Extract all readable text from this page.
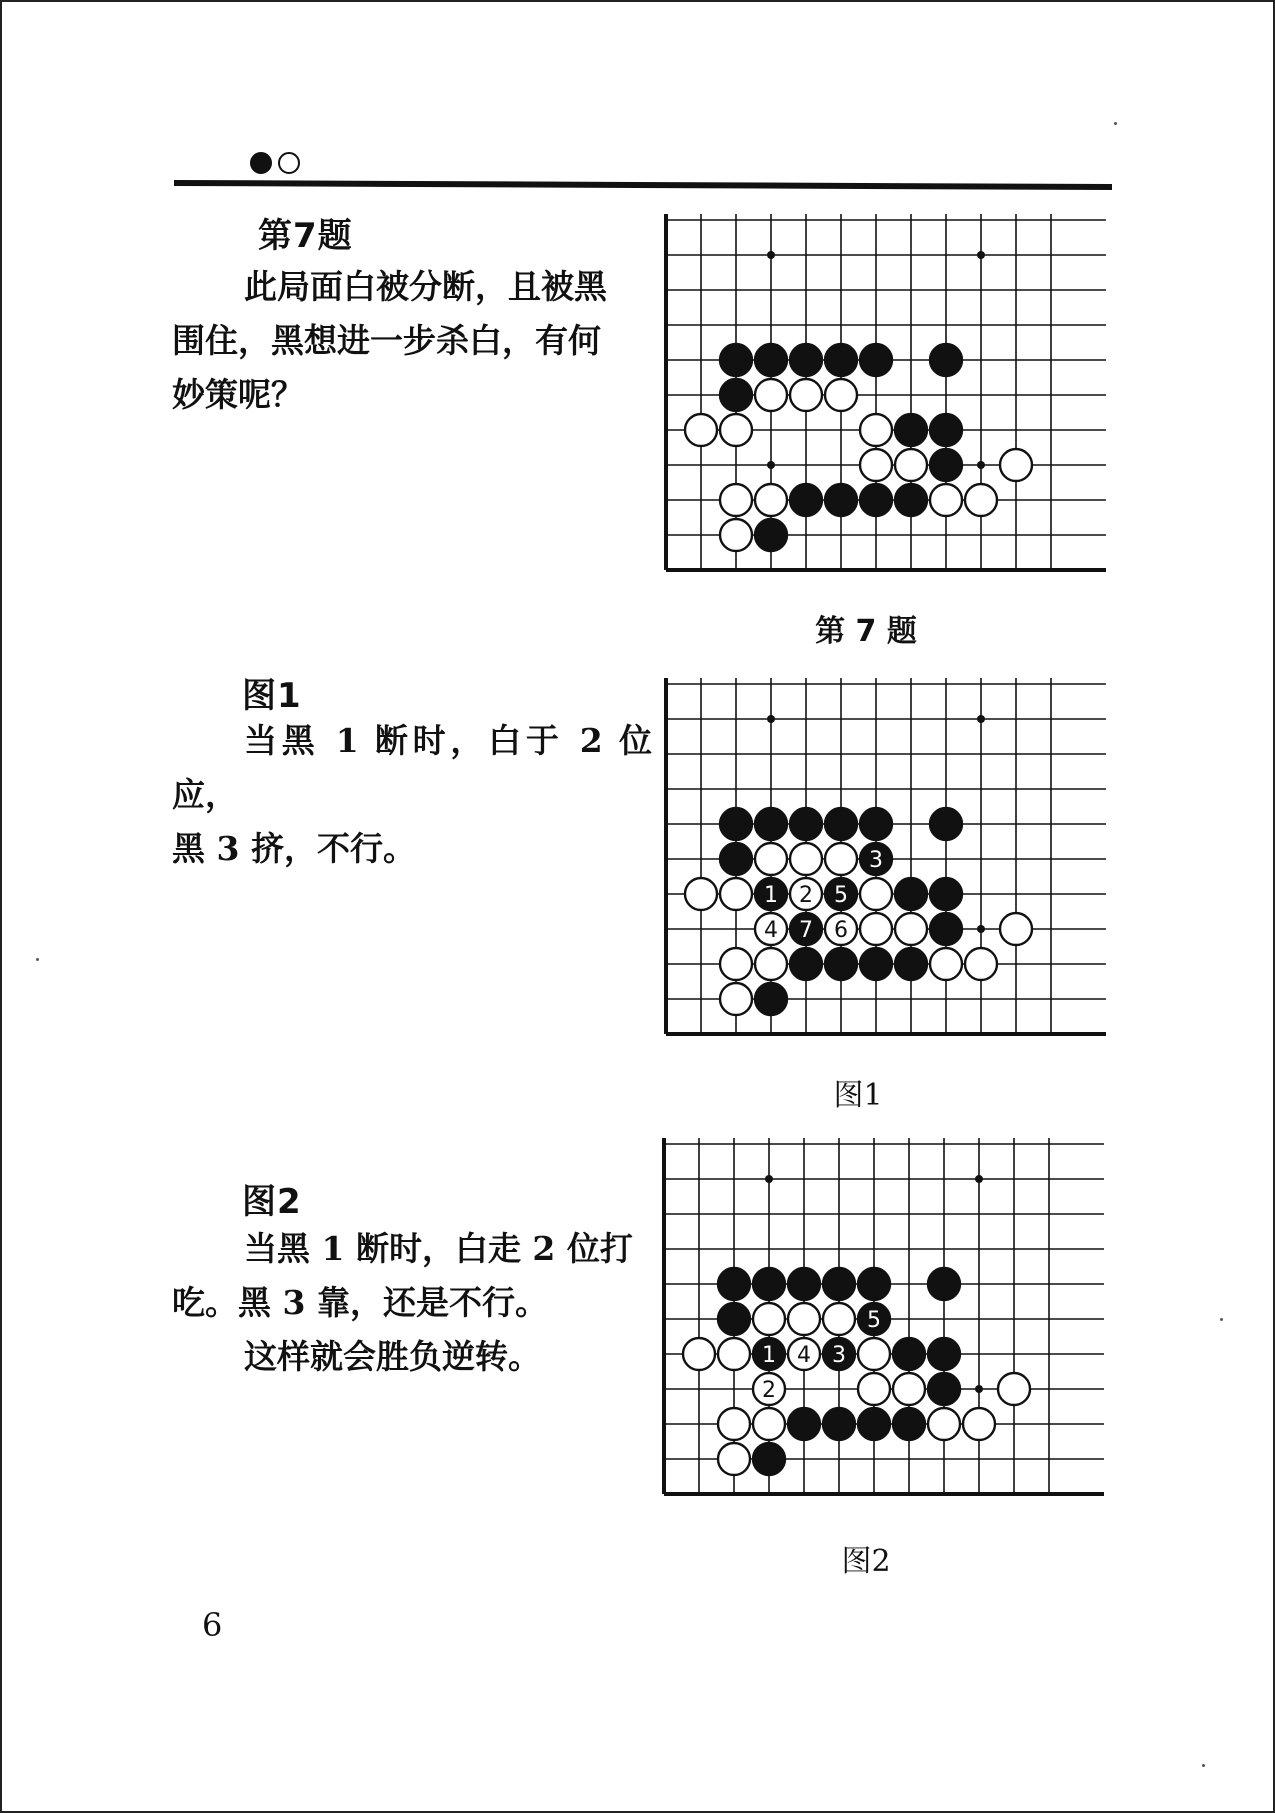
第7题

此局面白被分断，且被黑

围住，黑想进一步杀白，有何

妙策呢？

第 7 题
图1

当黑 1 断时，白于 2 位应，

黑 3 挤，不行。	3
1 2 5
4 7 6
图1
图2

当黑 1 断时，白走 2 位打

吃。黑 3 靠，还是不行。

这样就会胜负逆转。

5
1 4 3
2
图2
6
